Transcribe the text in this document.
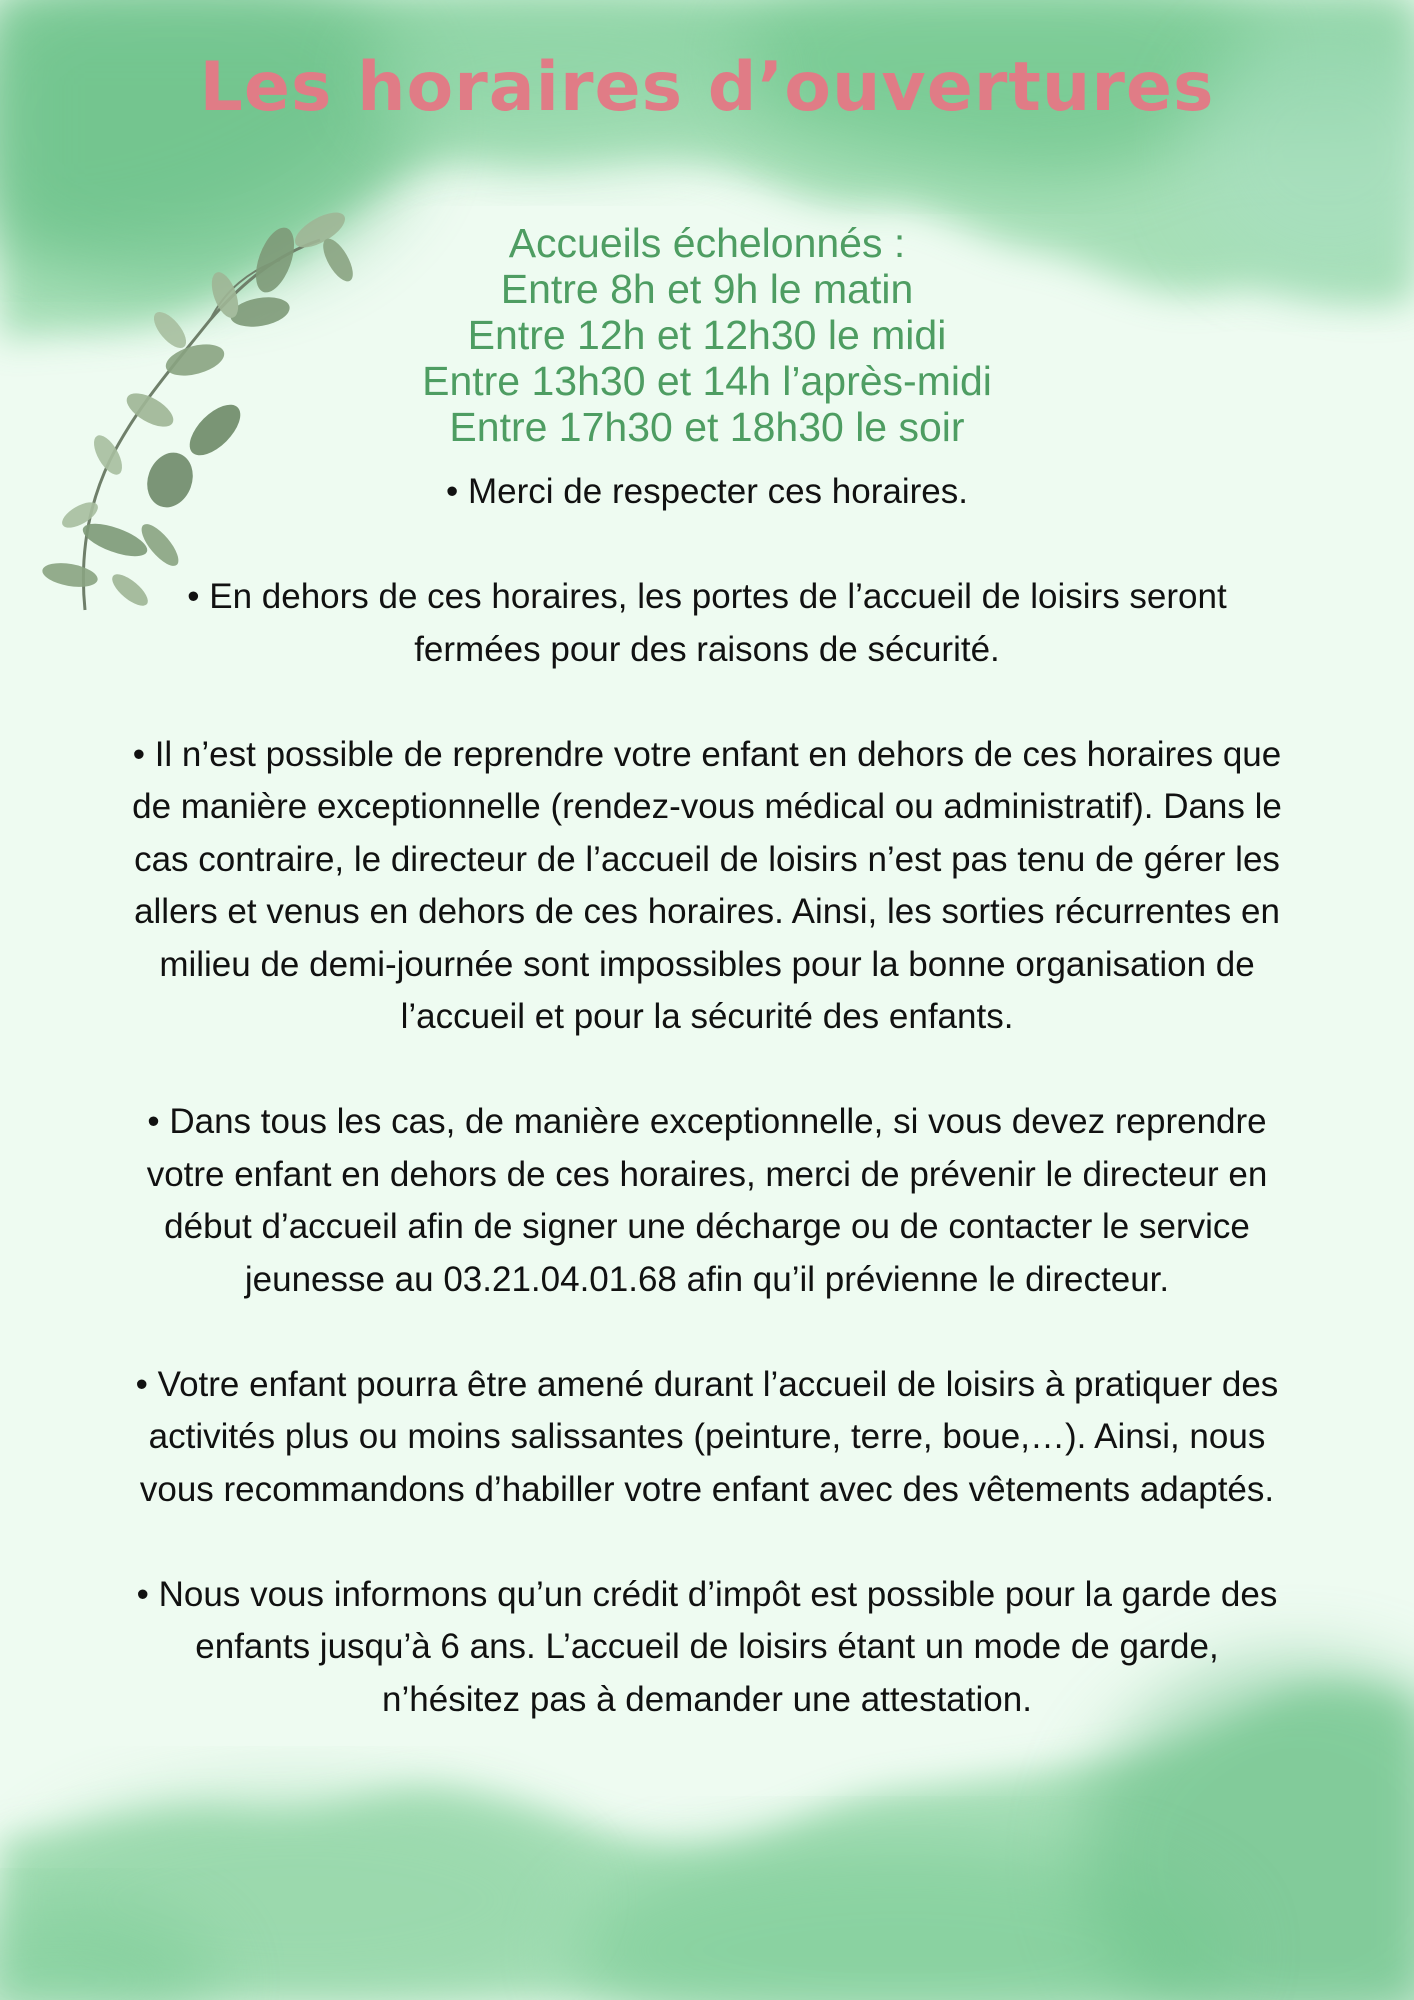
Les horaires d’ouvertures
Accueils échelonnés :
Entre 8h et 9h le matin
Entre 12h et 12h30 le midi
Entre 13h30 et 14h l’après-midi
Entre 17h30 et 18h30 le soir

• Merci de respecter ces horaires.

• En dehors de ces horaires, les portes de l’accueil de loisirs seront fermées pour des raisons de sécurité.

• Il n’est possible de reprendre votre enfant en dehors de ces horaires que de manière exceptionnelle (rendez-vous médical ou administratif). Dans le cas contraire, le directeur de l’accueil de loisirs n’est pas tenu de gérer les allers et venus en dehors de ces horaires. Ainsi, les sorties récurrentes en milieu de demi-journée sont impossibles pour la bonne organisation de l’accueil et pour la sécurité des enfants.

• Dans tous les cas, de manière exceptionnelle, si vous devez reprendre votre enfant en dehors de ces horaires, merci de prévenir le directeur en début d’accueil afin de signer une décharge ou de contacter le service jeunesse au 03.21.04.01.68 afin qu’il prévienne le directeur.

• Votre enfant pourra être amené durant l’accueil de loisirs à pratiquer des activités plus ou moins salissantes (peinture, terre, boue,…). Ainsi, nous vous recommandons d’habiller votre enfant avec des vêtements adaptés.

• Nous vous informons qu’un crédit d’impôt est possible pour la garde des enfants jusqu’à 6 ans. L’accueil de loisirs étant un mode de garde, n’hésitez pas à demander une attestation.
